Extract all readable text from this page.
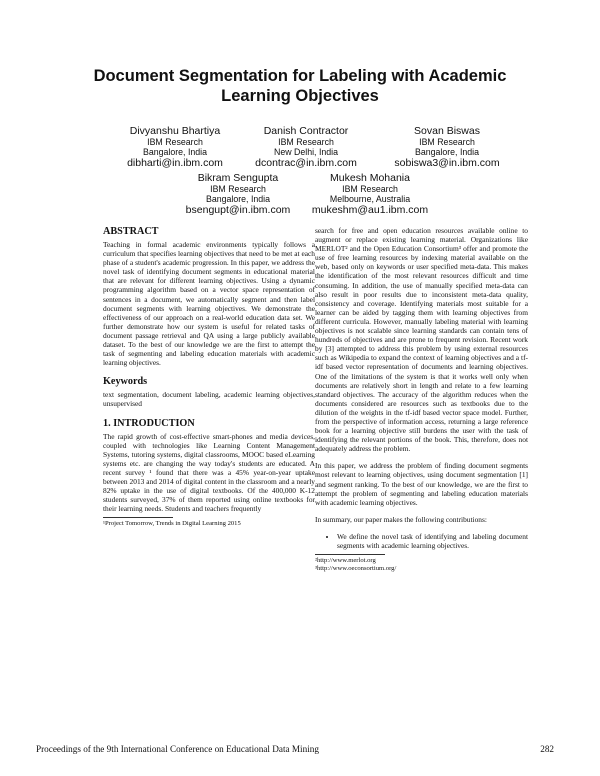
Document Segmentation for Labeling with Academic Learning Objectives
Divyanshu Bhartiya
IBM Research
Bangalore, India
dibharti@in.ibm.com
Danish Contractor
IBM Research
New Delhi, India
dcontrac@in.ibm.com
Sovan Biswas
IBM Research
Bangalore, India
sobiswa3@in.ibm.com
Bikram Sengupta
IBM Research
Bangalore, India
bsengupt@in.ibm.com
Mukesh Mohania
IBM Research
Melbourne, Australia
mukeshm@au1.ibm.com
ABSTRACT

Teaching in formal academic environments typically follows a curriculum that specifies learning objectives that need to be met at each phase of a student's academic progression. In this paper, we address the novel task of identifying document segments in educational material that are relevant for different learning objectives. Using a dynamic programming algorithm based on a vector space representation of sentences in a document, we automatically segment and then label document segments with learning objectives. We demonstrate the effectiveness of our approach on a real-world education data set. We further demonstrate how our system is useful for related tasks of document passage retrieval and QA using a large publicly available dataset. To the best of our knowledge we are the first to attempt the task of segmenting and labeling education materials with academic learning objectives.

Keywords

text segmentation, document labeling, academic learning objectives, unsupervised

1. INTRODUCTION

The rapid growth of cost-effective smart-phones and media devices, coupled with technologies like Learning Content Management Systems, tutoring systems, digital classrooms, MOOC based eLearning systems etc. are changing the way today's students are educated. A recent survey ¹ found that there was a 45% year-on-year uptake between 2013 and 2014 of digital content in the classroom and a nearly 82% uptake in the use of digital textbooks. Of the 400,000 K-12 students surveyed, 37% of them reported using online textbooks for their learning needs. Students and teachers frequently

¹Project Tomorrow, Trends in Digital Learning 2015

search for free and open education resources available online to augment or replace existing learning material. Organizations like MERLOT² and the Open Education Consortium³ offer and promote the use of free learning resources by indexing material available on the web, based only on keywords or user specified meta-data. This makes the identification of the most relevant resources difficult and time consuming. In addition, the use of manually specified meta-data can also result in poor results due to inconsistent meta-data quality, consistency and coverage. Identifying materials most suitable for a learner can be aided by tagging them with learning objectives from different curricula. However, manually labeling material with learning objectives is not scalable since learning standards can contain tens of hundreds of objectives and are prone to frequent revision. Recent work by [3] attempted to address this problem by using external resources such as Wikipedia to expand the context of learning objectives and a tf-idf based vector representation of documents and learning objectives. One of the limitations of the system is that it works well only when documents are relatively short in length and relate to a few learning standard objectives. The accuracy of the algorithm reduces when the documents considered are resources such as textbooks due to the dilution of the weights in the tf-idf based vector space model. Further, from the perspective of information access, returning a large reference book for a learning objective still burdens the user with the task of identifying the relevant portions of the book. This, therefore, does not adequately address the problem.

In this paper, we address the problem of finding document segments most relevant to learning objectives, using document segmentation [1] and segment ranking. To the best of our knowledge, we are the first to attempt the problem of segmenting and labeling education materials with academic learning objectives.

In summary, our paper makes the following contributions:

• We define the novel task of identifying and labeling document segments with academic learning objectives.

²http://www.merlot.org

³http://www.oeconsortium.org/

Proceedings of the 9th International Conference on Educational Data Mining	282
